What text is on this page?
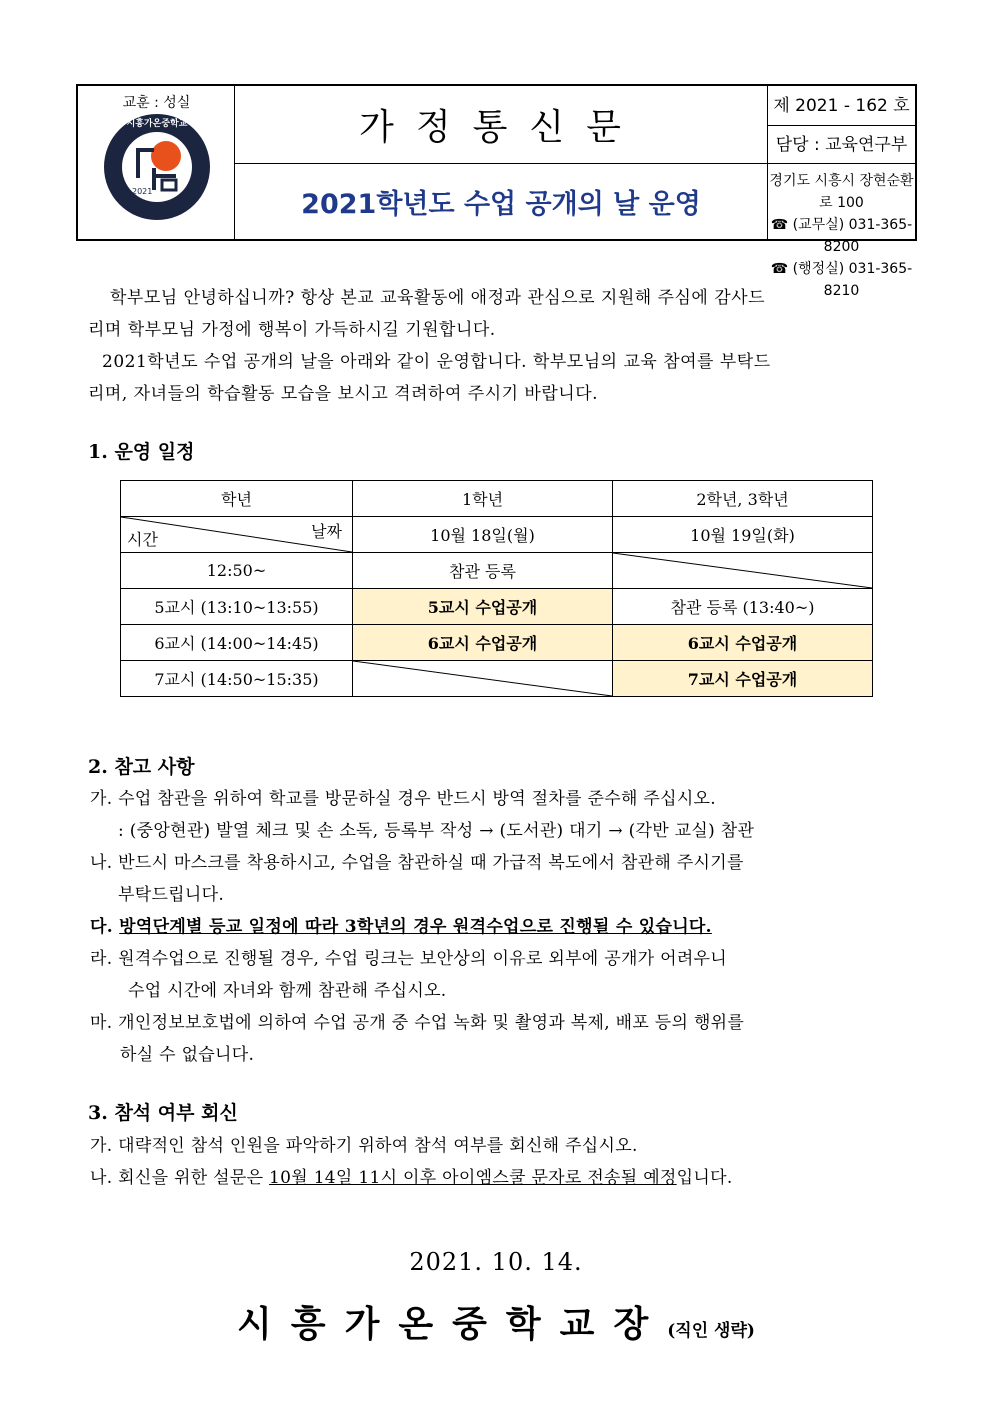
교훈 : 성실
2021
시흥가온중학교	가정통신문
2021학년도 수업 공개의 날 운영
제 2021 - 162 호
담당 : 교육연구부
경기도 시흥시 장현순환로 100
☎ (교무실) 031-365-8200
☎ (행정실) 031-365-8210
학부모님 안녕하십니까? 항상 본교 교육활동에 애정과 관심으로 지원해 주심에 감사드
리며 학부모님 가정에 행복이 가득하시길 기원합니다.
2021학년도 수업 공개의 날을 아래와 같이 운영합니다. 학부모님의 교육 참여를 부탁드
리며, 자녀들의 학습활동 모습을 보시고 격려하여 주시기 바랍니다.
1. 운영 일정
학년	1학년	2학년, 3학년

날짜
시간	10월 18일(월)	10월 19일(화)
12:50~	참관 등록	

5교시 (13:10~13:55)	5교시 수업공개	참관 등록 (13:40~)
6교시 (14:00~14:45)	6교시 수업공개	6교시 수업공개
7교시 (14:50~15:35)		7교시 수업공개
2. 참고 사항
가. 수업 참관을 위하여 학교를 방문하실 경우 반드시 방역 절차를 준수해 주십시오.
: (중앙현관) 발열 체크 및 손 소독, 등록부 작성 → (도서관) 대기 → (각반 교실) 참관
나. 반드시 마스크를 착용하시고, 수업을 참관하실 때 가급적 복도에서 참관해 주시기를
부탁드립니다.
다. 방역단계별 등교 일정에 따라 3학년의 경우 원격수업으로 진행될 수 있습니다.
라. 원격수업으로 진행될 경우, 수업 링크는 보안상의 이유로 외부에 공개가 어려우니
수업 시간에 자녀와 함께 참관해 주십시오.
마. 개인정보보호법에 의하여 수업 공개 중 수업 녹화 및 촬영과 복제, 배포 등의 행위를
하실 수 없습니다.
3. 참석 여부 회신
가. 대략적인 참석 인원을 파악하기 위하여 참석 여부를 회신해 주십시오.
나. 회신을 위한 설문은 10월 14일 11시 이후 아이엠스쿨 문자로 전송될 예정입니다.
2021. 10. 14.
시흥가온중학교장(직인 생략)
